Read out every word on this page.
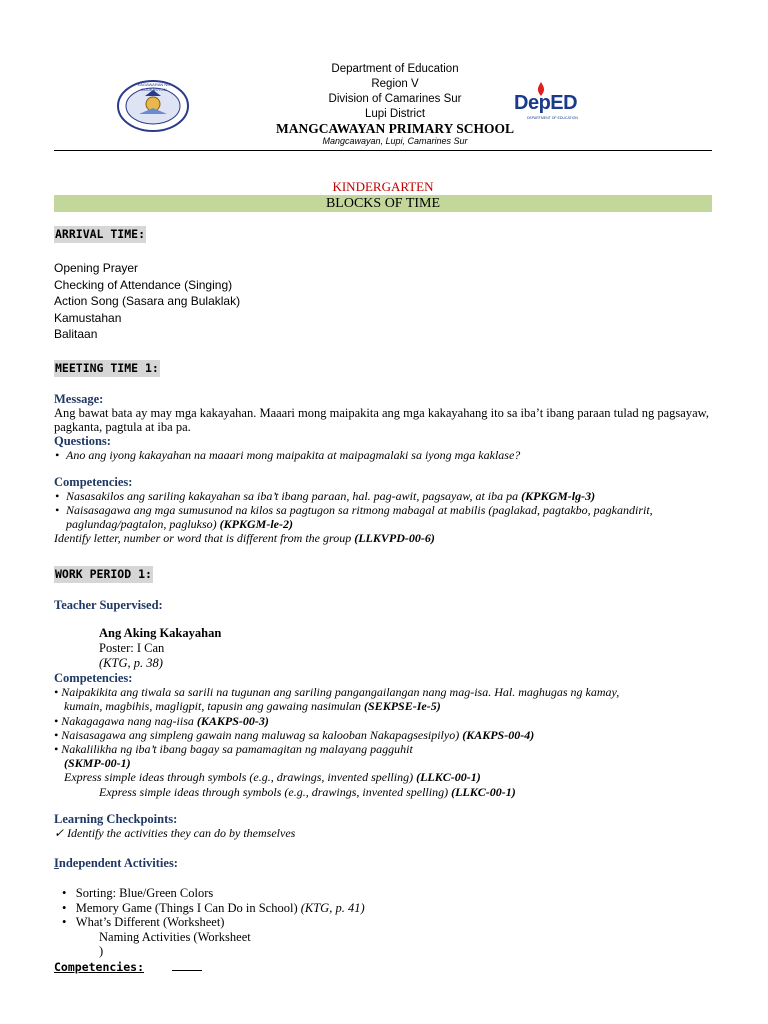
KAGAWARAN NG EDUKASYON
DepED
DEPARTMENT OF EDUCATION
Department of Education
Region V
Division of Camarines Sur
Lupi District
MANGCAWAYAN PRIMARY SCHOOL
Mangcawayan, Lupi, Camarines Sur
KINDERGARTEN
BLOCKS OF TIME
ARRIVAL TIME:
Opening Prayer
Checking of Attendance (Singing)
Action Song (Sasara ang Bulaklak)
Kamustahan
Balitaan
MEETING TIME 1:
Message:
Ang bawat bata ay may mga kakayahan. Maaari mong maipakita ang mga kakayahang ito sa iba’t ibang paraan tulad ng pagsayaw, pagkanta, pagtula at iba pa.
Questions:
• Ano ang iyong kakayahan na maaari mong maipakita at maipagmalaki sa iyong mga kaklase?
Competencies:
• Nasasakilos ang sariling kakayahan sa iba’t ibang paraan, hal. pag-awit, pagsayaw, at iba pa (KPKGM-lg-3)
• Naisasagawa ang mga sumusunod na kilos sa pagtugon sa ritmong mabagal at mabilis (paglakad, pagtakbo, pagkandirit, paglundag/pagtalon, paglukso) (KPKGM-le-2)
Identify letter, number or word that is different from the group (LLKVPD-00-6)
WORK PERIOD 1:
Teacher Supervised:
Ang Aking Kakayahan
Poster: I Can
(KTG, p. 38)
Competencies:
• Naipakikita ang tiwala sa sarili na tugunan ang sariling pangangailangan nang mag-isa. Hal. maghugas ng kamay,
kumain, magbihis, magligpit, tapusin ang gawaing nasimulan (SEKPSE-Ie-5)
• Nakagagawa nang nag-iisa (KAKPS-00-3)
• Naisasagawa ang simpleng gawain nang maluwag sa kalooban Nakapagsesipilyo) (KAKPS-00-4)
• Nakalilikha ng iba’t ibang bagay sa pamamagitan ng malayang pagguhit
(SKMP-00-1)
Express simple ideas through symbols (e.g., drawings, invented spelling) (LLKC-00-1)
Express simple ideas through symbols (e.g., drawings, invented spelling) (LLKC-00-1)
Learning Checkpoints:
✓ Identify the activities they can do by themselves
Independent Activities:
•   Sorting: Blue/Green Colors
•   Memory Game (Things I Can Do in School) (KTG, p. 41)
•   What’s Different (Worksheet)
Naming Activities (Worksheet
)
Competencies:
